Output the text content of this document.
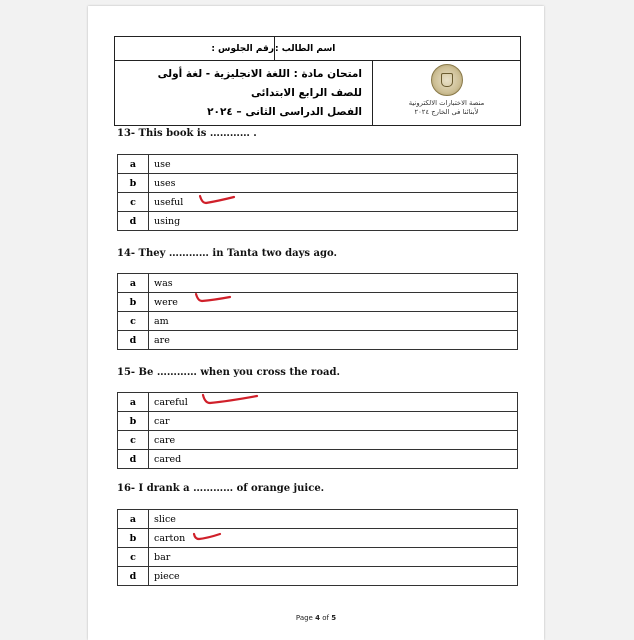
رقم الجلوس : اسم الطالب :
امتحان مادة : اللغة الانجليزية - لغة أولى
للصف الرابع الابتدائى
الفصل الدراسى الثانى – ٢٠٢٤
منصة الاختبارات الالكترونية
لأبنائنا فى الخارج ٢٠٢٤
13- This book is ………… .
a	use
b	uses
c	useful
d	using
14- They ………… in Tanta two days ago.
a	was
b	were
c	am
d	are
15- Be ………… when you cross the road.
a	careful
b	car
c	care
d	cared
16- I drank a ………… of orange juice.
a	slice
b	carton
c	bar
d	piece
Page 4 of 5
